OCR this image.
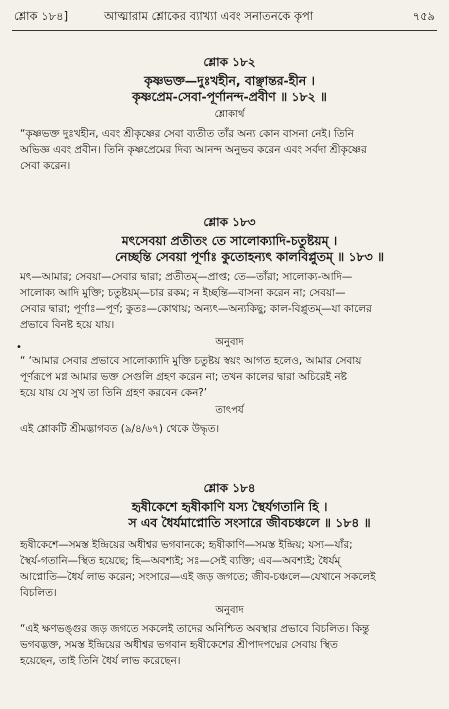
শ্লোক ১৮৪]	আত্মারাম শ্লোকের ব্যাখ্যা এবং সনাতনকে কৃপা	৭৫৯
শ্লোক ১৮২
কৃষ্ণভক্ত—দুঃখহীন, বাঞ্ছান্তর-হীন ।
কৃষ্ণপ্রেম-সেবা-পূর্ণানন্দ-প্রবীণ ॥ ১৮২ ॥
শ্লোকার্থ
“কৃষ্ণভক্ত দুঃখহীন, এবং শ্রীকৃষ্ণের সেবা ব্যতীত তাঁর অন্য কোন বাসনা নেই। তিনি
অভিজ্ঞ এবং প্রবীন। তিনি কৃষ্ণপ্রেমের দিব্য আনন্দ অনুভব করেন এবং সর্বদা শ্রীকৃষ্ণের
সেবা করেন।
শ্লোক ১৮৩
মৎসেবয়া প্রতীতং তে সালোক্যাদি-চতুষ্টয়ম্ ।
নেচ্ছন্তি সেবয়া পূর্ণাঃ কুতোহন্যৎ কালবিপ্লুতম্ ॥ ১৮৩ ॥
মৎ—আমার; সেবয়া—সেবার দ্বারা; প্রতীতম্—প্রাপ্ত; তে—তাঁরা; সালোক্য-আদি—
সালোক্য আদি মুক্তি; চতুষ্টয়ম্—চার রকম; ন ইচ্ছন্তি—বাসনা করেন না; সেবয়া—
সেবার দ্বারা; পূর্ণাঃ—পূর্ণ; কুতঃ—কোথায়; অন্যৎ—অন্যকিছু; কাল-বিপ্লুতম্—যা কালের
প্রভাবে বিনষ্ট হয়ে যায়।
অনুবাদ
“ ‘আমার সেবার প্রভাবে সালোক্যাদি মুক্তি চতুষ্টয় স্বয়ং আগত হলেও, আমার সেবায়
পূর্ণরূপে মগ্ন আমার ভক্ত সেগুলি গ্রহণ করেন না; তখন কালের দ্বারা অচিরেই নষ্ট
হয়ে যায় যে সুখ তা তিনি গ্রহণ করবেন কেন?’
তাৎপর্য
এই শ্লোকটি শ্রীমদ্ভাগবত (৯/৪/৬৭) থেকে উদ্ধৃত।
•
শ্লোক ১৮৪
হৃষীকেশে হৃষীকাণি যস্য স্থৈর্যগতানি হি ।
স এব ধৈর্যমাপ্নোতি সংসারে জীবচঞ্চলে ॥ ১৮৪ ॥
হৃষীকেশে—সমস্ত ইন্দ্রিয়ের অধীশ্বর ভগবানকে; হৃষীকাণি—সমস্ত ইন্দ্রিয়; যস্য—যাঁর;
স্থৈর্য-গতানি—স্থিত হয়েছে; হি—অবশ্যই; সঃ—সেই ব্যক্তি; এব—অবশ্যই; ধৈর্যম্
আপ্নোতি—ধৈর্য লাভ করেন; সংসারে—এই জড় জগতে; জীব-চঞ্চলে—যেখানে সকলেই
বিচলিত।
অনুবাদ
“এই ক্ষণভঙ্গুর জড় জগতে সকলেই তাদের অনিশ্চিত অবস্থার প্রভাবে বিচলিত। কিন্তু
ভগবদ্ভক্ত, সমস্ত ইন্দ্রিয়ের অধীশ্বর ভগবান হৃষীকেশের শ্রীপাদপদ্মের সেবায় স্থিত
হয়েছেন, তাই তিনি ধৈর্য লাভ করেছেন।
